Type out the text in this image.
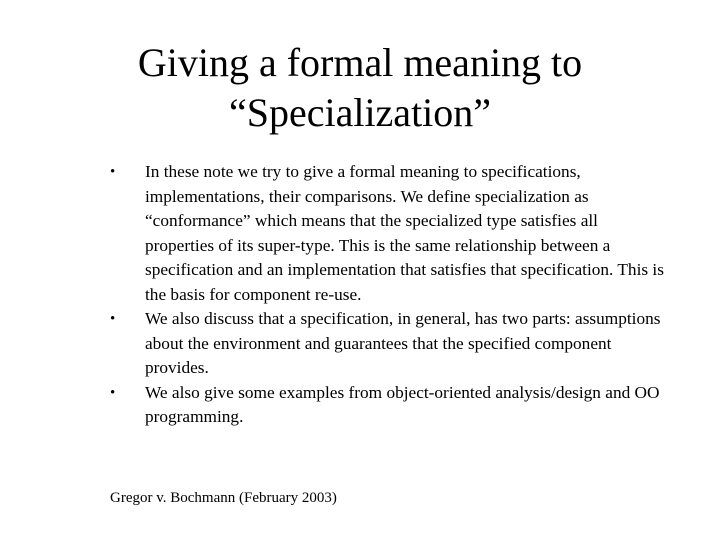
Giving a formal meaning to
“Specialization”
•	In these note we try to give a formal meaning to specifications, implementations, their comparisons. We define specialization as “conformance” which means that the specialized type satisfies all properties of its super-type. This is the same relationship between a specification and an implementation that satisfies that specification. This is the basis for component re-use.
•	We also discuss that a specification, in general, has two parts: assumptions about the environment and guarantees that the specified component provides.
•	We also give some examples from object-oriented analysis/design and OO programming.

Gregor v. Bochmann (February 2003)
